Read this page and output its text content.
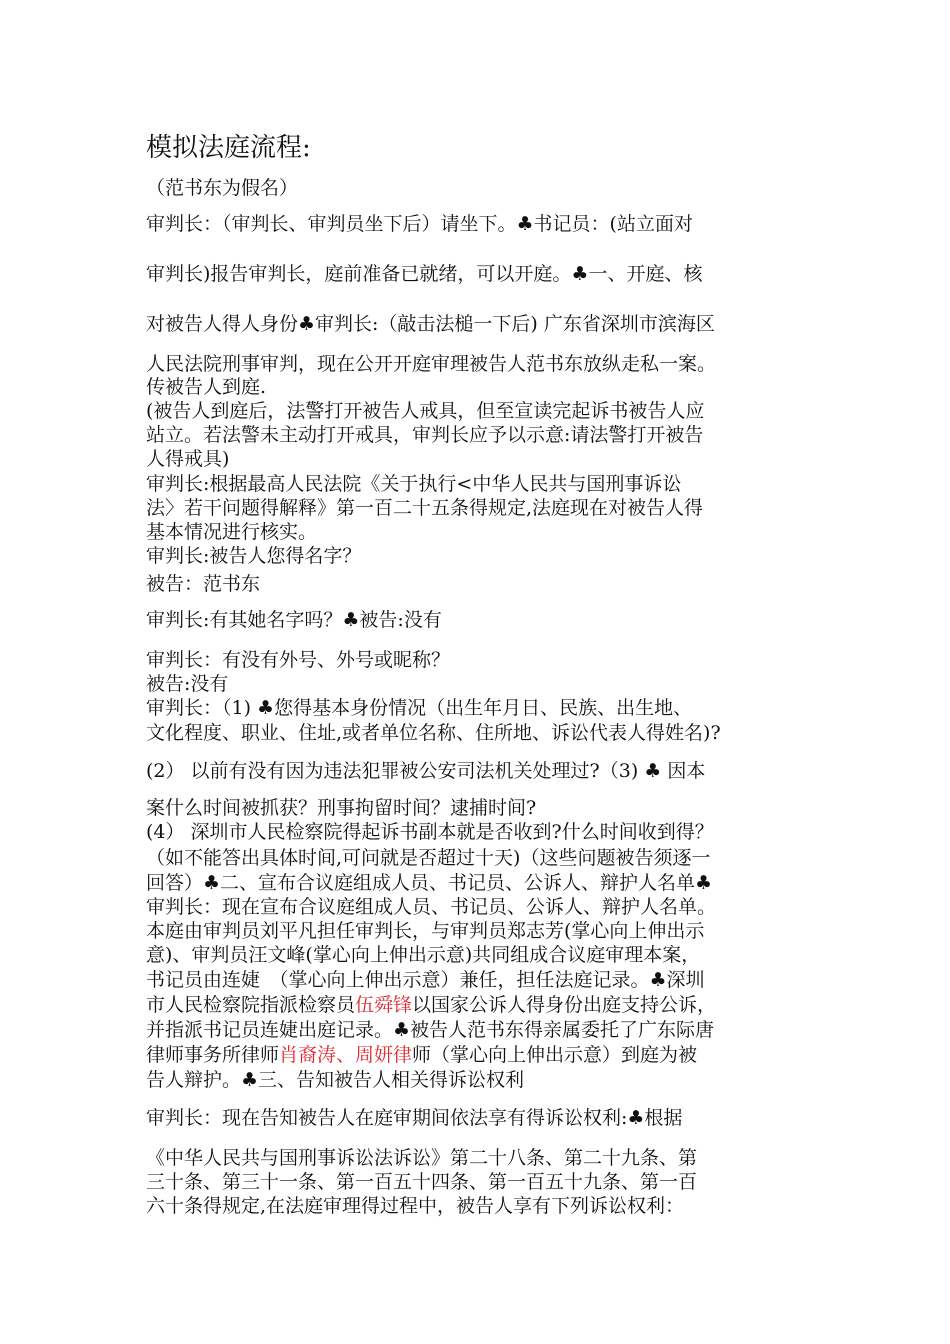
模拟法庭流程:

（范书东为假名）

审判长：（审判长、审判员坐下后）请坐下。♣书记员：(站立面对

审判长)报告审判长，庭前准备已就绪，可以开庭。♣一、开庭、核

对被告人得人身份♣审判长:（敲击法槌一下后) 广东省深圳市滨海区

人民法院刑事审判，现在公开开庭审理被告人范书东放纵走私一案。

传被告人到庭.

(被告人到庭后，法警打开被告人戒具，但至宣读完起诉书被告人应

站立。若法警未主动打开戒具，审判长应予以示意:请法警打开被告

人得戒具)

审判长:根据最高人民法院《关于执行<中华人民共与国刑事诉讼

法〉若干问题得解释》第一百二十五条得规定,法庭现在对被告人得

基本情况进行核实。

审判长:被告人您得名字？

被告：范书东

审判长:有其她名字吗？♣被告:没有

审判长：有没有外号、外号或昵称？

被告:没有

审判长：（1) ♣您得基本身份情况（出生年月日、民族、出生地、

文化程度、职业、住址,或者单位名称、住所地、诉讼代表人得姓名)?

(2） 以前有没有因为违法犯罪被公安司法机关处理过?（3) ♣ 因本

案什么时间被抓获？刑事拘留时间？逮捕时间?

(4） 深圳市人民检察院得起诉书副本就是否收到?什么时间收到得？

（如不能答出具体时间,可问就是否超过十天)（这些问题被告须逐一

回答）♣二、宣布合议庭组成人员、书记员、公诉人、辩护人名单♣

审判长：现在宣布合议庭组成人员、书记员、公诉人、辩护人名单。

本庭由审判员刘平凡担任审判长，与审判员郑志芳(掌心向上伸出示

意)、审判员汪文峰(掌心向上伸出示意)共同组成合议庭审理本案，

书记员由连婕　（掌心向上伸出示意）兼任，担任法庭记录。♣深圳

市人民检察院指派检察员伍舜锋以国家公诉人得身份出庭支持公诉，

并指派书记员连婕出庭记录。♣被告人范书东得亲属委托了广东际唐

律师事务所律师肖裔涛、周妍律师（掌心向上伸出示意）到庭为被

告人辩护。♣三、告知被告人相关得诉讼权利

审判长：现在告知被告人在庭审期间依法享有得诉讼权利:♣根据

《中华人民共与国刑事诉讼法诉讼》第二十八条、第二十九条、第

三十条、第三十一条、第一百五十四条、第一百五十九条、第一百

六十条得规定,在法庭审理得过程中，被告人享有下列诉讼权利：
